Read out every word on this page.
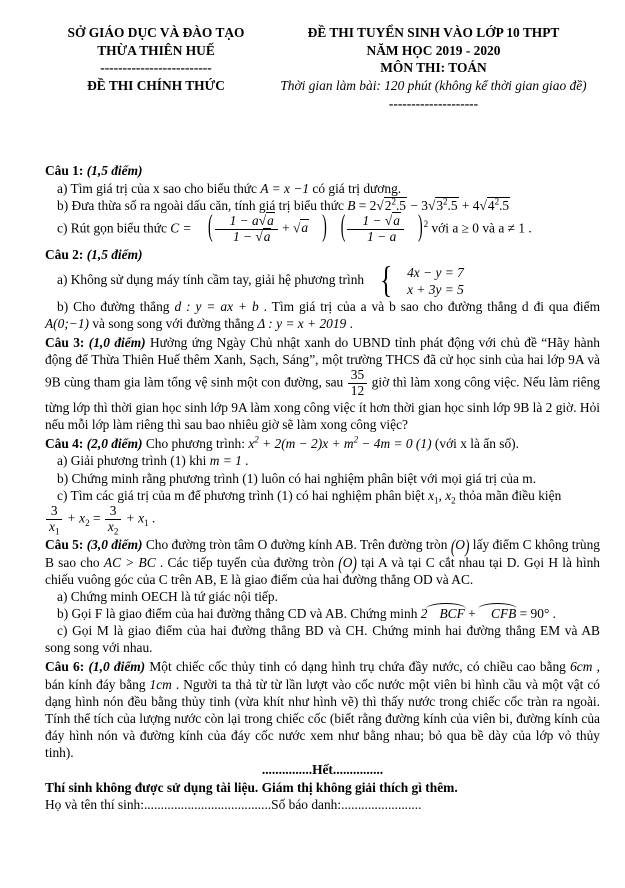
SỞ GIÁO DỤC VÀ ĐÀO TẠO
THỪA THIÊN HUẾ
-------------------------
ĐỀ THI CHÍNH THỨC
ĐỀ THI TUYỂN SINH VÀO LỚP 10 THPT
NĂM HỌC 2019 - 2020
MÔN THI: TOÁN
Thời gian làm bài: 120 phút (không kể thời gian giao đề)
--------------------

Câu 1: (1,5 điểm)

a) Tìm giá trị của x sao cho biểu thức A = x −1 có giá trị dương.

b) Đưa thừa số ra ngoài dấu căn, tính giá trị biểu thức $B = 2√2^2.5 - 3√3^2.5 + 4√4^2.5$

c) Rút gọn biểu thức C = ( $\frac{1 - a√a}{1 - √a} + √a$ ) ( $\frac{1 - √a}{1 - a} )^2$ với a ≥ 0 và a ≠ 1 .

Câu 2: (1,5 điểm)

a) Không sử dụng máy tính cầm tay, giải hệ phương trình {	4x − y = 7
x + 3y = 5

b) Cho đường thẳng d : y = ax + b . Tìm giá trị của a và b sao cho đường thẳng d đi qua điểm A(0;−1) và song song với đường thẳng Δ : y = x + 2019 .

Câu 3: (1,0 điểm) Hưởng ứng Ngày Chủ nhật xanh do UBND tỉnh phát động với chủ đề “Hãy hành động để Thừa Thiên Huế thêm Xanh, Sạch, Sáng”, một trường THCS đã cử học sinh của hai lớp 9A và 9B cùng tham gia làm tổng vệ sinh một con đường, sau $\frac{35}{12}$ giờ thì làm xong công việc. Nếu làm riêng từng lớp thì thời gian học sinh lớp 9A làm xong công việc ít hơn thời gian học sinh lớp 9B là 2 giờ. Hỏi nếu mỗi lớp làm riêng thì sau bao nhiêu giờ sẽ làm xong công việc?

Câu 4: (2,0 điểm) Cho phương trình: $x^2 + 2(m - 2)x + m^2 - 4m = 0$ (1) (với x là ẩn số).

a) Giải phương trình (1) khi m = 1 .

b) Chứng minh rằng phương trình (1) luôn có hai nghiệm phân biệt với mọi giá trị của m.

c) Tìm các giá trị của m để phương trình (1) có hai nghiệm phân biệt $x_1$, $x_2$ thỏa mãn điều kiện

$\frac{3}{x_1} + x_2 = \frac{3}{x_2} + x_1$ .

Câu 5: (3,0 điểm) Cho đường tròn tâm O đường kính AB. Trên đường tròn (O) lấy điểm C không trùng B sao cho AC > BC . Các tiếp tuyến của đường tròn (O) tại A và tại C cắt nhau tại D. Gọi H là hình chiếu vuông góc của C trên AB, E là giao điểm của hai đường thẳng OD và AC.

a) Chứng minh OECH là tứ giác nội tiếp.

b) Gọi F là giao điểm của hai đường thẳng CD và AB. Chứng minh 2 BCF + CFB = 90° .

c) Gọi M là giao điểm của hai đường thẳng BD và CH. Chứng minh hai đường thẳng EM và AB song song với nhau.

Câu 6: (1,0 điểm) Một chiếc cốc thủy tinh có dạng hình trụ chứa đầy nước, có chiều cao bằng 6cm , bán kính đáy bằng 1cm . Người ta thả từ từ lần lượt vào cốc nước một viên bi hình cầu và một vật có dạng hình nón đều bằng thủy tinh (vừa khít như hình vẽ) thì thấy nước trong chiếc cốc tràn ra ngoài. Tính thể tích của lượng nước còn lại trong chiếc cốc (biết rằng đường kính của viên bi, đường kính của đáy hình nón và đường kính của đáy cốc nước xem như bằng nhau; bỏ qua bề dày của lớp vỏ thủy tinh).

...............Hết...............

Thí sinh không được sử dụng tài liệu. Giám thị không giải thích gì thêm.

Họ và tên thí sinh:......................................Số báo danh:........................
